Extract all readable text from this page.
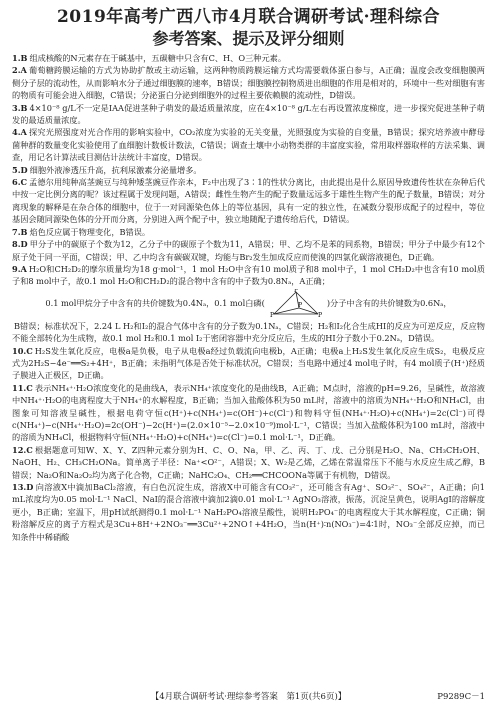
2019年高考广西八市4月联合调研考试·理科综合
参考答案、提示及评分细则

1.B 组成核酸的N元素存在于碱基中，五碳糖中只含有C、H、O三种元素。

2.A 葡萄糖跨膜运输的方式为协助扩散或主动运输，这两种物质跨膜运输方式均需要载体蛋白参与，A正确；温度会改变细胞膜两侧分子层的流动性，从而影响水分子通过细胞膜的速率，B错误；细胞膜控制物质进出细胞的作用是相对的，环境中一些对细胞有害的物质有可能会进入细胞，C错误；分泌蛋白分泌到细胞外的过程主要依赖膜的流动性，D错误。

3.B 4×10⁻⁸ g/L不一定是IAA促进茎种子萌发的最适质量浓度，应在4×10⁻⁸ g/L左右再设置浓度梯度，进一步探究促进茎种子萌发的最适质量浓度。

4.A 探究光照强度对光合作用的影响实验中，CO₂浓度为实验的无关变量，光照强度为实验的自变量，B错误；探究培养液中酵母菌种群的数量变化实验使用了血细胞计数板计数法，C错误；调查土壤中小动物类群的丰富度实验，常用取样器取样的方法采集、调查，用记名计算法或目测估计法统计丰富度，D错误。

5.D 细胞外液渗透压升高，抗利尿激素分泌量增多。

6.C 孟德尔用纯种高茎豌豆与纯种矮茎豌豆作亲本，F₂中出现了3∶1的性状分离比，由此提出是什么原因导致遗传性状在杂种后代中按一定比例分离的呢？该过程属于发现问题，A错误；雌性生物产生的配子数量远远多于雄性生物产生的配子数量，B错误；对分离现象的解释是在杂合体的细胞中，位于一对同源染色体上的等位基因，具有一定的独立性，在减数分裂形成配子的过程中，等位基因会随同源染色体的分开而分离，分别进入两个配子中，独立地随配子遗传给后代，D错误。

7.B 焰色反应属于物理变化，B错误。

8.D 甲分子中的碳原子个数为12，乙分子中的碳原子个数为11，A错误；甲、乙均不是苯的同系物，B错误；甲分子中最少有12个原子处于同一平面，C错误；甲、乙中均含有碳碳双键，均能与Br₂发生加成反应而使溴的四氯化碳溶液褪色，D正确。

9.A H₂O和CH₂D₂的摩尔质量均为18 g·mol⁻¹，1 mol H₂O中含有10 mol质子和8 mol中子，1 mol CH₂D₂中也含有10 mol质子和8 mol中子，故0.1 mol H₂O和CH₂D₂的混合物中含有的中子数为0.8Nₐ，A正确；

0.1 mol甲烷分子中含有的共价键数为0.4Nₐ，0.1 mol白磷(
P
P	P
P	)分子中含有的共价键数为0.6Nₐ，

B错误；标准状况下，2.24 L H₂和I₂的混合气体中含有的分子数为0.1Nₐ，C错误；H₂和I₂化合生成HI的反应为可逆反应，反应物不能全部转化为生成物，故0.1 mol H₂和0.1 mol I₂于密闭容器中充分反应后，生成的HI分子数小于0.2Nₐ，D错误。

10.C H₂S发生氧化反应，电极a是负极，电子从电极a经过负载流向电极b，A正确；电极a上H₂S发生氧化反应生成S₂，电极反应式为2H₂S−4e⁻══S₂+4H⁺，B正确；未指明气体是否处于标准状况，C错误；当电路中通过4 mol电子时，有4 mol质子(H⁺)经质子膜进入正极区，D正确。

11.C 表示NH₄⁺·H₂O浓度变化的是曲线A，表示NH₄⁺浓度变化的是曲线B，A正确；M点时，溶液的pH=9.26，呈碱性，故溶液中NH₄⁺·H₂O的电离程度大于NH₄⁺的水解程度，B正确；当加入盐酸体积为50 mL时，溶液中的溶质为NH₄⁺·H₂O和NH₄Cl，由图象可知溶液呈碱性，根据电荷守恒c(H⁺)+c(NH₄⁺)=c(OH⁻)+c(Cl⁻)和物料守恒(NH₄⁺·H₂O)+c(NH₄⁺)=2c(Cl⁻)可得c(NH₄⁺)−c(NH₄⁺·H₂O)=2c(OH⁻)−2c(H⁺)=(2.0×10⁻⁵−2.0×10⁻⁹)mol·L⁻¹，C错误；当加入盐酸体积为100 mL时，溶液中的溶质为NH₄Cl，根据物料守恒(NH₄⁺·H₂O)+c(NH₄⁺)=c(Cl⁻)=0.1 mol·L⁻¹，D正确。

12.C 根据题意可知W、X、Y、Z四种元素分别为H、C、O、Na，甲、乙、丙、丁、戊、己分别是H₂O、Na、CH₃CH₂OH、NaOH、H₂、CH₃CH₂ONa。简单离子半径：Na⁺<O²⁻，A错误；X、W₂是乙烯，乙烯在常温常压下不能与水反应生成乙醇，B错误；Na₂O和Na₂O₂均为离子化合物，C正确；NaHC₂O₄、CH₂══CHCOONa等属于有机物，D错误。

13.D 向溶液X中滴加BaCl₂溶液，有白色沉淀生成，溶液X中可能含有CO₃²⁻，还可能含有Ag⁺、SO₃²⁻、SO₄²⁻，A正确；向1 mL浓度均为0.05 mol·L⁻¹ NaCl、NaI的混合溶液中滴加2滴0.01 mol·L⁻¹ AgNO₃溶液，振荡，沉淀呈黄色，说明AgI的溶解度更小，B正确；室温下，用pH试纸测得0.1 mol·L⁻¹ NaH₂PO₄溶液呈酸性，说明H₂PO₄⁻的电离程度大于其水解程度，C正确；铜粉溶解反应的离子方程式是3Cu+8H⁺+2NO₃⁻══3Cu²⁺+2NO↑+4H₂O，当n(H⁺)∶n(NO₃⁻)=4∶1时，NO₃⁻全部反应掉，而已知条件中稀硝酸

【4月联合调研考试·理综参考答案　第1页(共6页)】	P9289C－1
